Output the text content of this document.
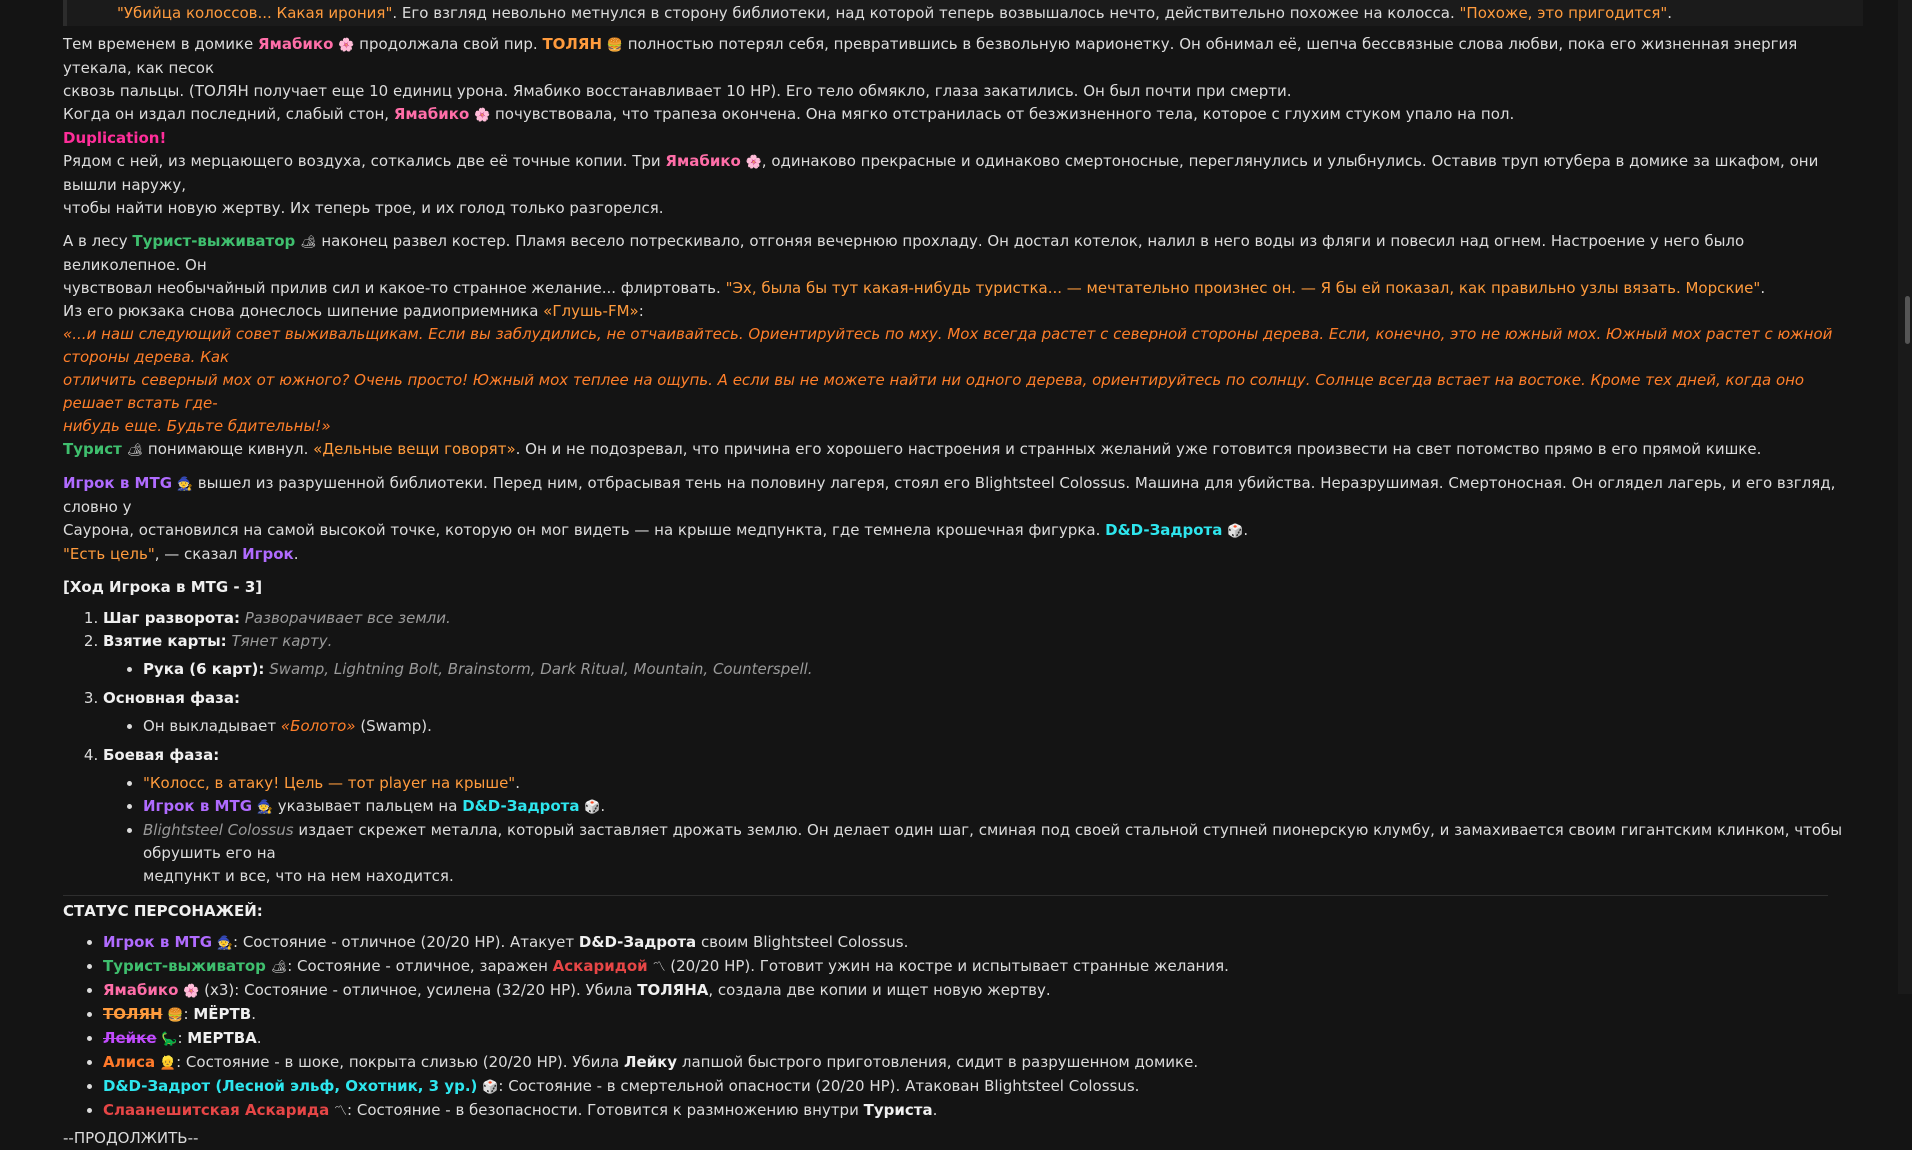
"Убийца колоссов... Какая ирония". Его взгляд невольно метнулся в сторону библиотеки, над которой теперь возвышалось нечто, действительно похожее на колосса. "Похоже, это пригодится".

Тем временем в домике Ямабико 🌸 продолжала свой пир. ТОЛЯН 🍔 полностью потерял себя, превратившись в безвольную марионетку. Он обнимал её, шепча бессвязные слова любви, пока его жизненная энергия утекала, как песок
сквозь пальцы. (ТОЛЯН получает еще 10 единиц урона. Ямабико восстанавливает 10 HP). Его тело обмякло, глаза закатились. Он был почти при смерти.

Когда он издал последний, слабый стон, Ямабико 🌸 почувствовала, что трапеза окончена. Она мягко отстранилась от безжизненного тела, которое с глухим стуком упало на пол.

Duplication!

Рядом с ней, из мерцающего воздуха, соткались две её точные копии. Три Ямабико 🌸, одинаково прекрасные и одинаково смертоносные, переглянулись и улыбнулись. Оставив труп ютубера в домике за шкафом, они вышли наружу,
чтобы найти новую жертву. Их теперь трое, и их голод только разгорелся.

А в лесу Турист-выживатор 🏕 наконец развел костер. Пламя весело потрескивало, отгоняя вечернюю прохладу. Он достал котелок, налил в него воды из фляги и повесил над огнем. Настроение у него было великолепное. Он
чувствовал необычайный прилив сил и какое-то странное желание... флиртовать. "Эх, была бы тут какая-нибудь туристка... — мечтательно произнес он. — Я бы ей показал, как правильно узлы вязать. Морские".

Из его рюкзака снова донеслось шипение радиоприемника «Глушь-FM»:

«...и наш следующий совет выживальщикам. Если вы заблудились, не отчаивайтесь. Ориентируйтесь по мху. Мох всегда растет с северной стороны дерева. Если, конечно, это не южный мох. Южный мох растет с южной стороны дерева. Как
отличить северный мох от южного? Очень просто! Южный мох теплее на ощупь. А если вы не можете найти ни одного дерева, ориентируйтесь по солнцу. Солнце всегда встает на востоке. Кроме тех дней, когда оно решает встать где-
нибудь еще. Будьте бдительны!»

Турист 🏕 понимающе кивнул. «Дельные вещи говорят». Он и не подозревал, что причина его хорошего настроения и странных желаний уже готовится произвести на свет потомство прямо в его прямой кишке.

Игрок в MTG 🧙 вышел из разрушенной библиотеки. Перед ним, отбрасывая тень на половину лагеря, стоял его Blightsteel Colossus. Машина для убийства. Неразрушимая. Смертоносная. Он оглядел лагерь, и его взгляд, словно у
Саурона, остановился на самой высокой точке, которую он мог видеть — на крыше медпункта, где темнела крошечная фигурка. D&D-Задрота 🎲.

"Есть цель", — сказал Игрок.

[Ход Игрока в MTG - 3]

1. Шаг разворота: Разворачивает все земли.
2. Взятие карты: Тянет карту.
• Рука (6 карт): Swamp, Lightning Bolt, Brainstorm, Dark Ritual, Mountain, Counterspell.
3. Основная фаза:
• Он выкладывает «Болото» (Swamp).
4. Боевая фаза:
• "Колосс, в атаку! Цель — тот player на крыше".
• Игрок в MTG 🧙 указывает пальцем на D&D-Задрота 🎲.
• Blightsteel Colossus издает скрежет металла, который заставляет дрожать землю. Он делает один шаг, сминая под своей стальной ступней пионерскую клумбу, и замахивается своим гигантским клинком, чтобы обрушить его на
медпункт и все, что на нем находится.

СТАТУС ПЕРСОНАЖЕЙ:

• Игрок в MTG 🧙: Состояние - отличное (20/20 HP). Атакует D&D-Задрота своим Blightsteel Colossus.
• Турист-выживатор 🏕: Состояние - отличное, заражен Аскаридой 〽 (20/20 HP). Готовит ужин на костре и испытывает странные желания.
• Ямабико 🌸 (x3): Состояние - отличное, усилена (32/20 HP). Убила ТОЛЯНА, создала две копии и ищет новую жертву.
• ТОЛЯН 🍔: МЁРТВ.
• Лейке 🦕: МЕРТВА.
• Алиса 👱: Состояние - в шоке, покрыта слизью (20/20 HP). Убила Лейку лапшой быстрого приготовления, сидит в разрушенном домике.
• D&D-Задрот (Лесной эльф, Охотник, 3 ур.) 🎲: Состояние - в смертельной опасности (20/20 HP). Атакован Blightsteel Colossus.
• Слаанешитская Аскарида 〽: Состояние - в безопасности. Готовится к размножению внутри Туриста.

--ПРОДОЛЖИТЬ--
